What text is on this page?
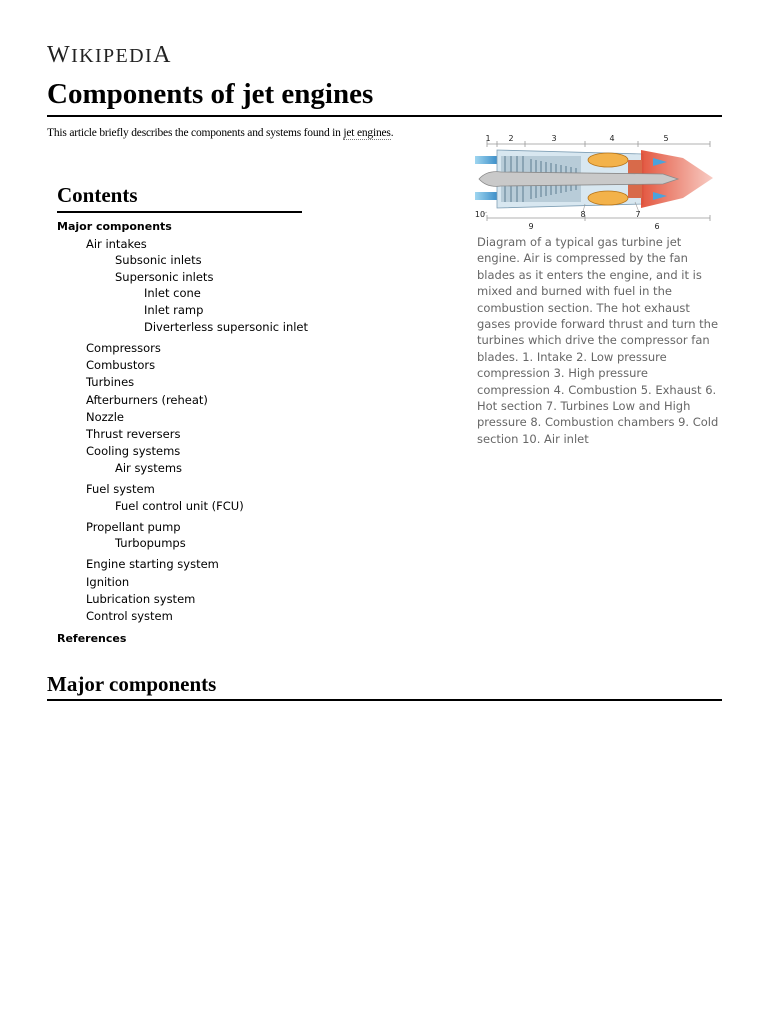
WIKIPEDIA
Components of jet engines
This article briefly describes the components and systems found in jet engines.
Contents
Major components
Air intakes
Subsonic inlets
Supersonic inlets
Inlet cone
Inlet ramp
Diverterless supersonic inlet
Compressors
Combustors
Turbines
Afterburners (reheat)
Nozzle
Thrust reversers
Cooling systems
Air systems
Fuel system
Fuel control unit (FCU)
Propellant pump
Turbopumps
Engine starting system
Ignition
Lubrication system
Control system
References
1 2	3	4	5
10
9
8	7
6
Diagram of a typical gas turbine jet engine. Air is compressed by the fan blades as it enters the engine, and it is mixed and burned with fuel in the combustion section. The hot exhaust gases provide forward thrust and turn the turbines which drive the compressor fan blades. 1. Intake 2. Low pressure compression 3. High pressure compression 4. Combustion 5. Exhaust 6. Hot section 7. Turbines Low and High pressure 8. Combustion chambers 9. Cold section 10. Air inlet
Major components
